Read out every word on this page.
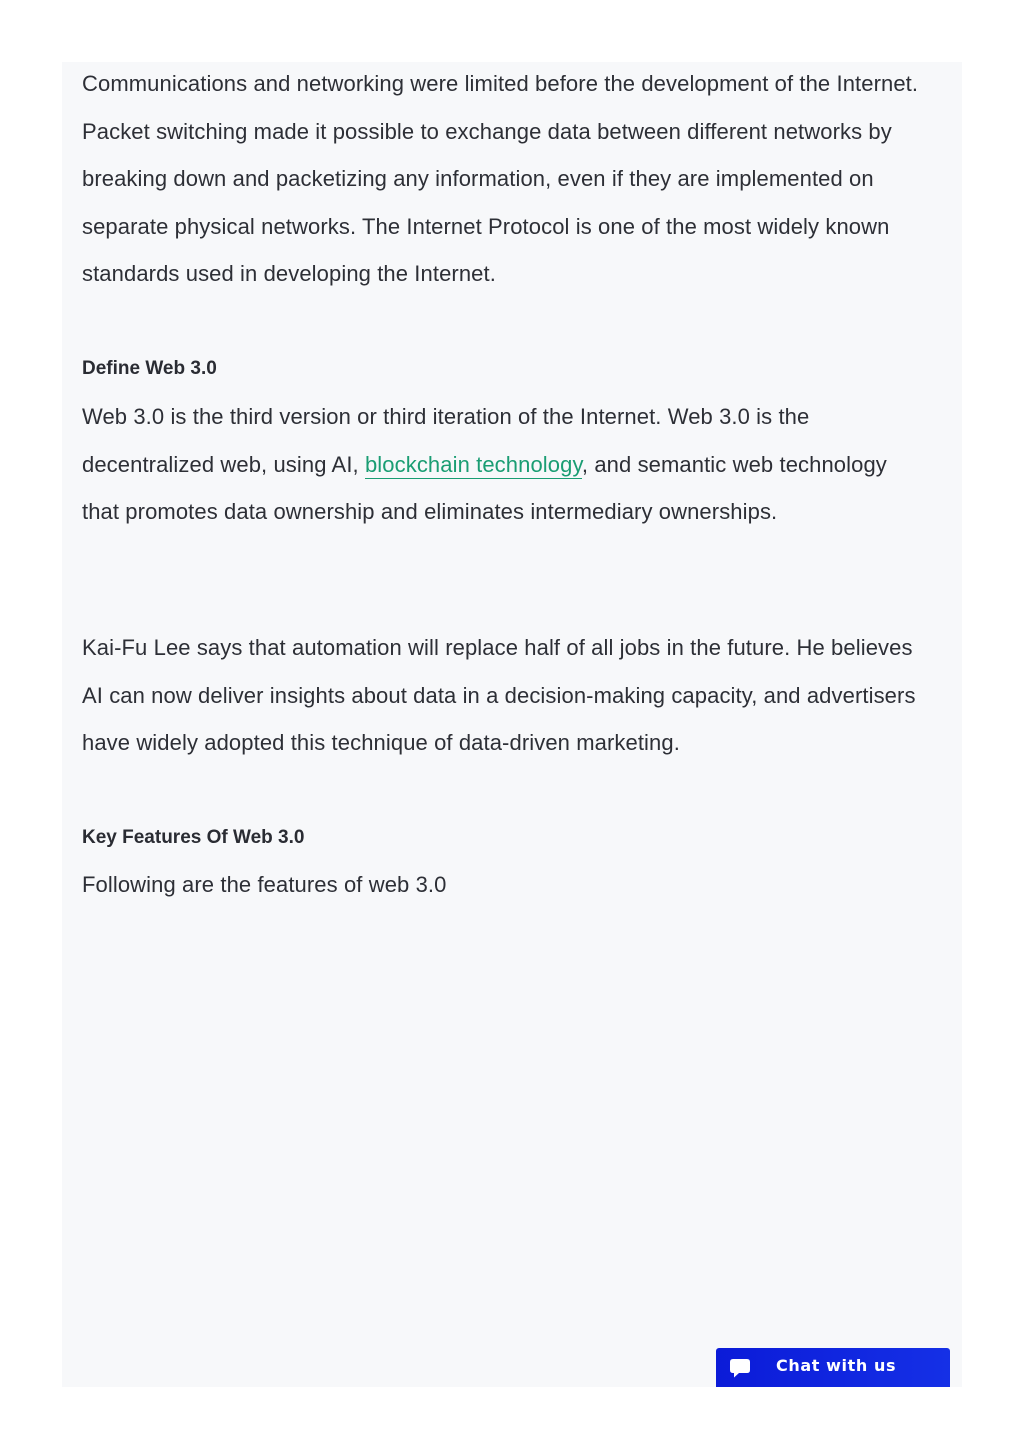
Communications and networking were limited before the development of the Internet. Packet switching made it possible to exchange data between different networks by breaking down and packetizing any information, even if they are implemented on separate physical networks. The Internet Protocol is one of the most widely known standards used in developing the Internet.

Define Web 3.0

Web 3.0 is the third version or third iteration of the Internet. Web 3.0 is the decentralized web, using AI, blockchain technology, and semantic web technology that promotes data ownership and eliminates intermediary ownerships.

Kai-Fu Lee says that automation will replace half of all jobs in the future. He believes AI can now deliver insights about data in a decision-making capacity, and advertisers have widely adopted this technique of data-driven marketing.

Key Features Of Web 3.0

Following are the features of web 3.0

Chat with us
